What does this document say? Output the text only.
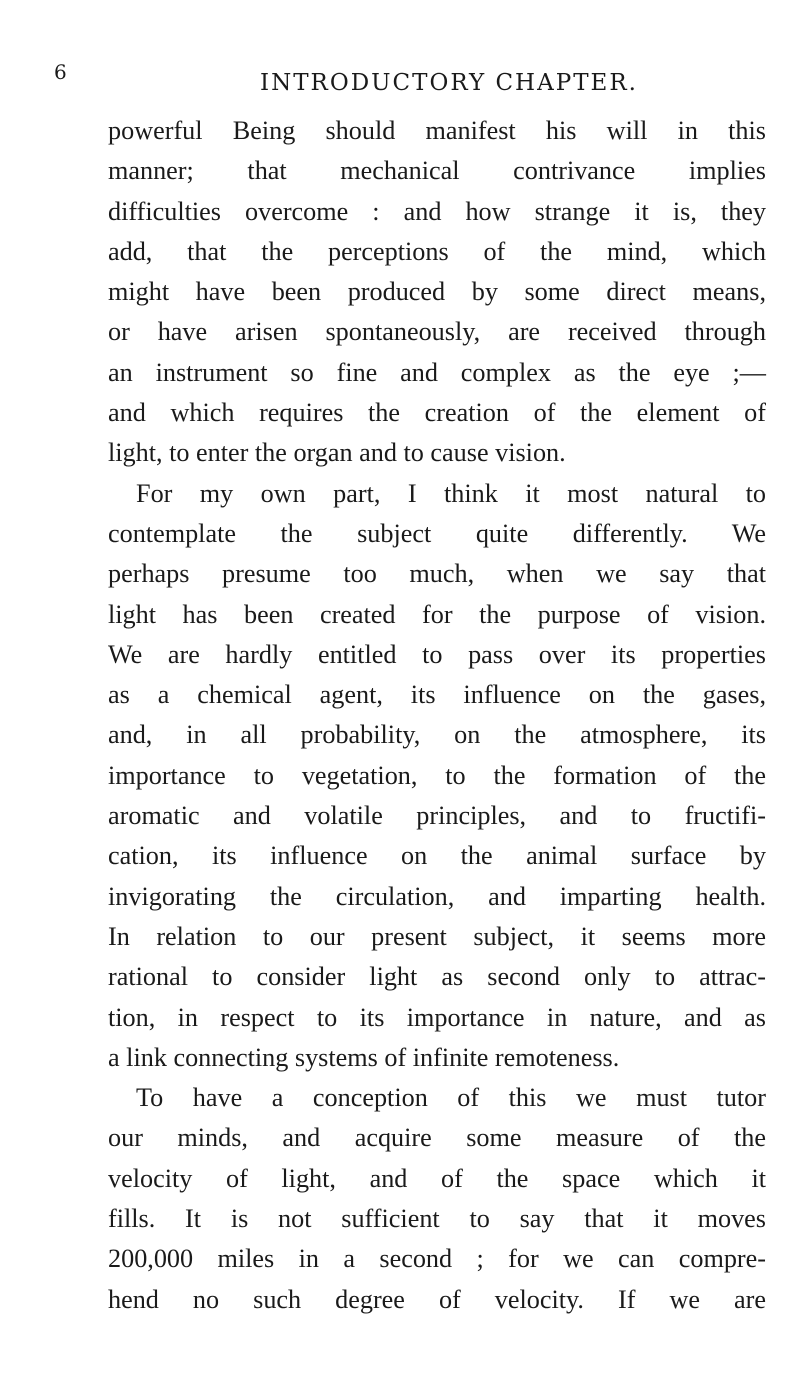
6	INTRODUCTORY CHAPTER.
powerful Being should manifest his will in this
manner; that mechanical contrivance implies
difficulties overcome : and how strange it is, they
add, that the perceptions of the mind, which
might have been produced by some direct means,
or have arisen spontaneously, are received through
an instrument so fine and complex as the eye ;—
and which requires the creation of the element of
light, to enter the organ and to cause vision.
For my own part, I think it most natural to
contemplate the subject quite differently. We
perhaps presume too much, when we say that
light has been created for the purpose of vision.
We are hardly entitled to pass over its properties
as a chemical agent, its influence on the gases,
and, in all probability, on the atmosphere, its
importance to vegetation, to the formation of the
aromatic and volatile principles, and to fructifi-
cation, its influence on the animal surface by
invigorating the circulation, and imparting health.
In relation to our present subject, it seems more
rational to consider light as second only to attrac-
tion, in respect to its importance in nature, and as
a link connecting systems of infinite remoteness.
To have a conception of this we must tutor
our minds, and acquire some measure of the
velocity of light, and of the space which it
fills. It is not sufficient to say that it moves
200,000 miles in a second ; for we can compre-
hend no such degree of velocity. If we are
